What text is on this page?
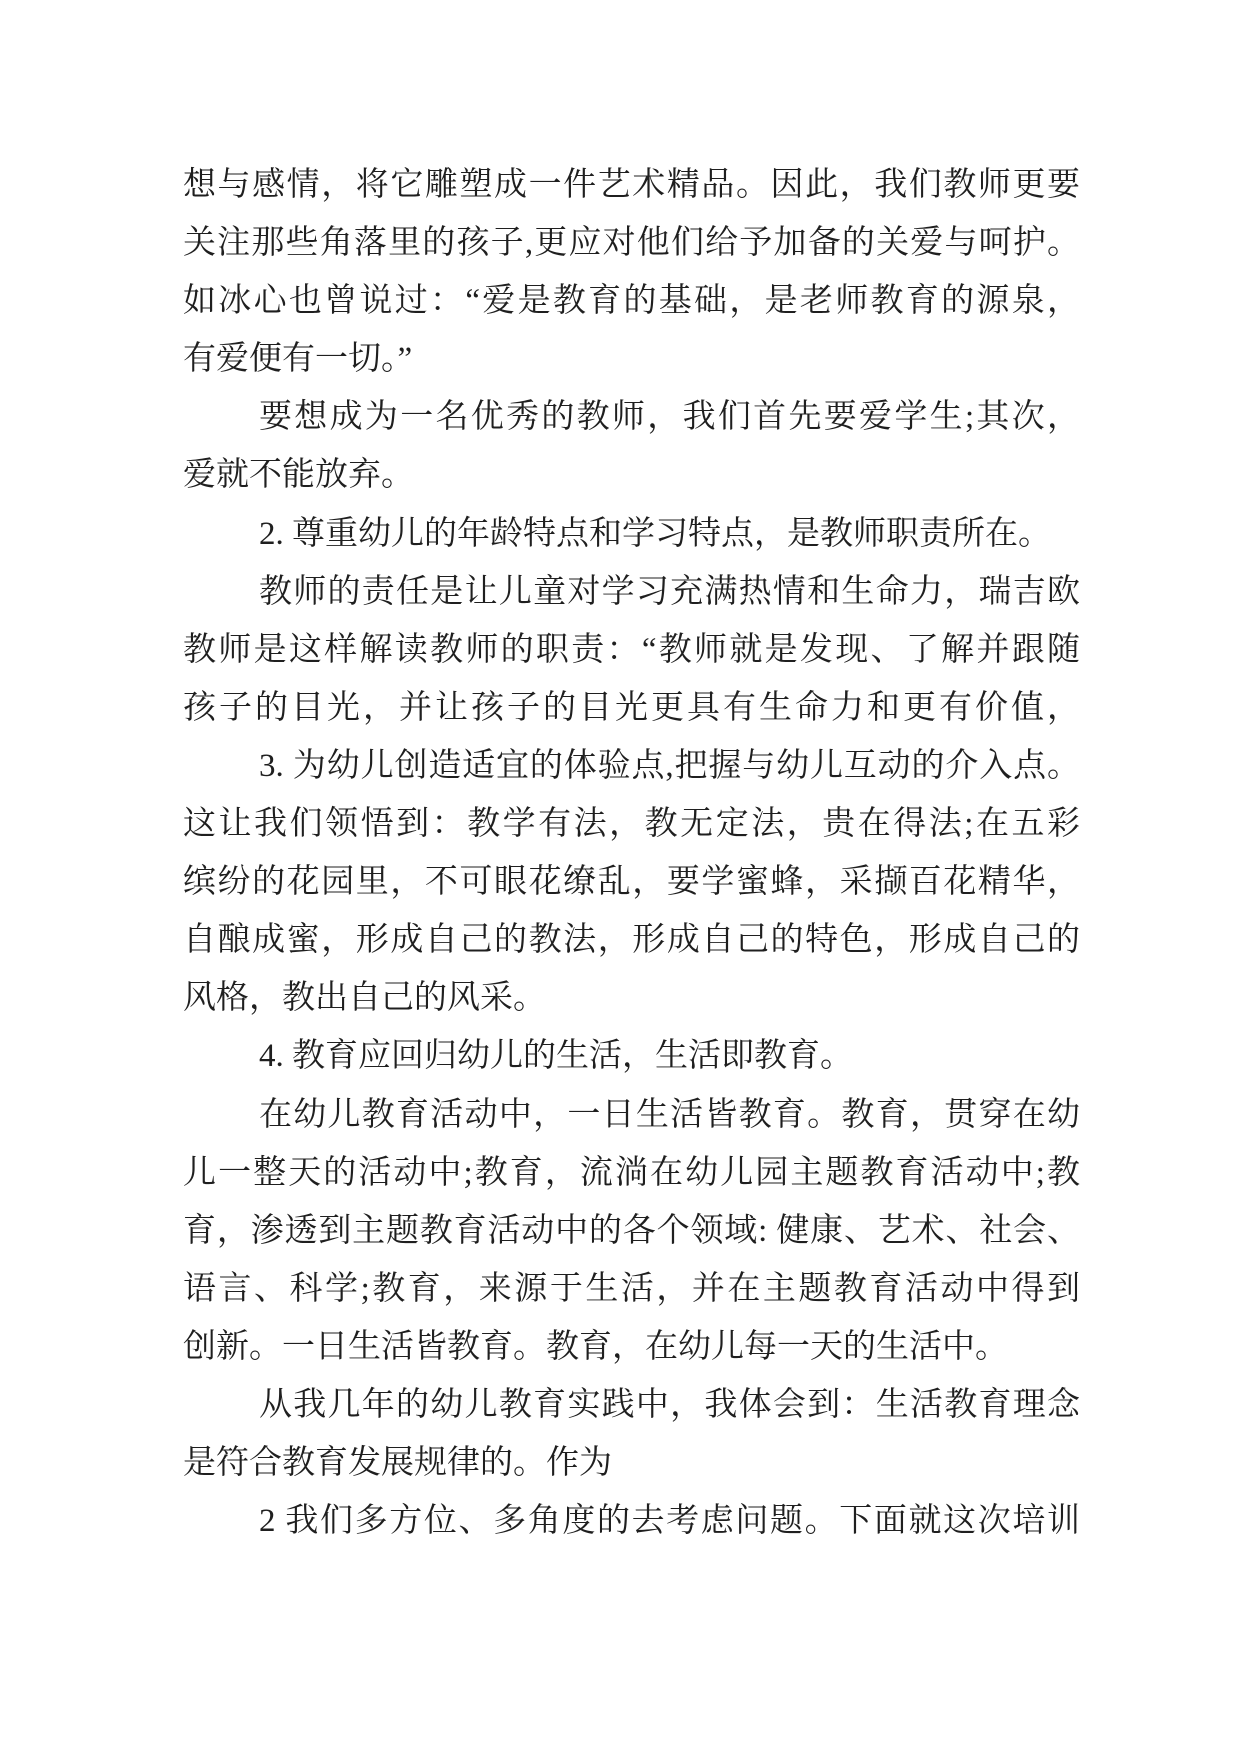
想与感情，将它雕塑成一件艺术精品。因此，我们教师更要
关注那些角落里的孩子,更应对他们给予加备的关爱与呵护。
如冰心也曾说过：“爱是教育的基础，是老师教育的源泉，
有爱便有一切。”
要想成为一名优秀的教师，我们首先要爱学生;其次，
爱就不能放弃。
2. 尊重幼儿的年龄特点和学习特点，是教师职责所在。
教师的责任是让儿童对学习充满热情和生命力，瑞吉欧
教师是这样解读教师的职责：“教师就是发现、了解并跟随
孩子的目光，并让孩子的目光更具有生命力和更有价值，
3. 为幼儿创造适宜的体验点,把握与幼儿互动的介入点。
这让我们领悟到：教学有法，教无定法，贵在得法;在五彩
缤纷的花园里，不可眼花缭乱，要学蜜蜂，采撷百花精华，
自酿成蜜，形成自己的教法，形成自己的特色，形成自己的
风格，教出自己的风采。
4. 教育应回归幼儿的生活，生活即教育。
在幼儿教育活动中，一日生活皆教育。教育，贯穿在幼
儿一整天的活动中;教育，流淌在幼儿园主题教育活动中;教
育，渗透到主题教育活动中的各个领域: 健康、艺术、社会、
语言、科学;教育，来源于生活，并在主题教育活动中得到
创新。一日生活皆教育。教育，在幼儿每一天的生活中。
从我几年的幼儿教育实践中，我体会到：生活教育理念
是符合教育发展规律的。作为
2 我们多方位、多角度的去考虑问题。下面就这次培训
